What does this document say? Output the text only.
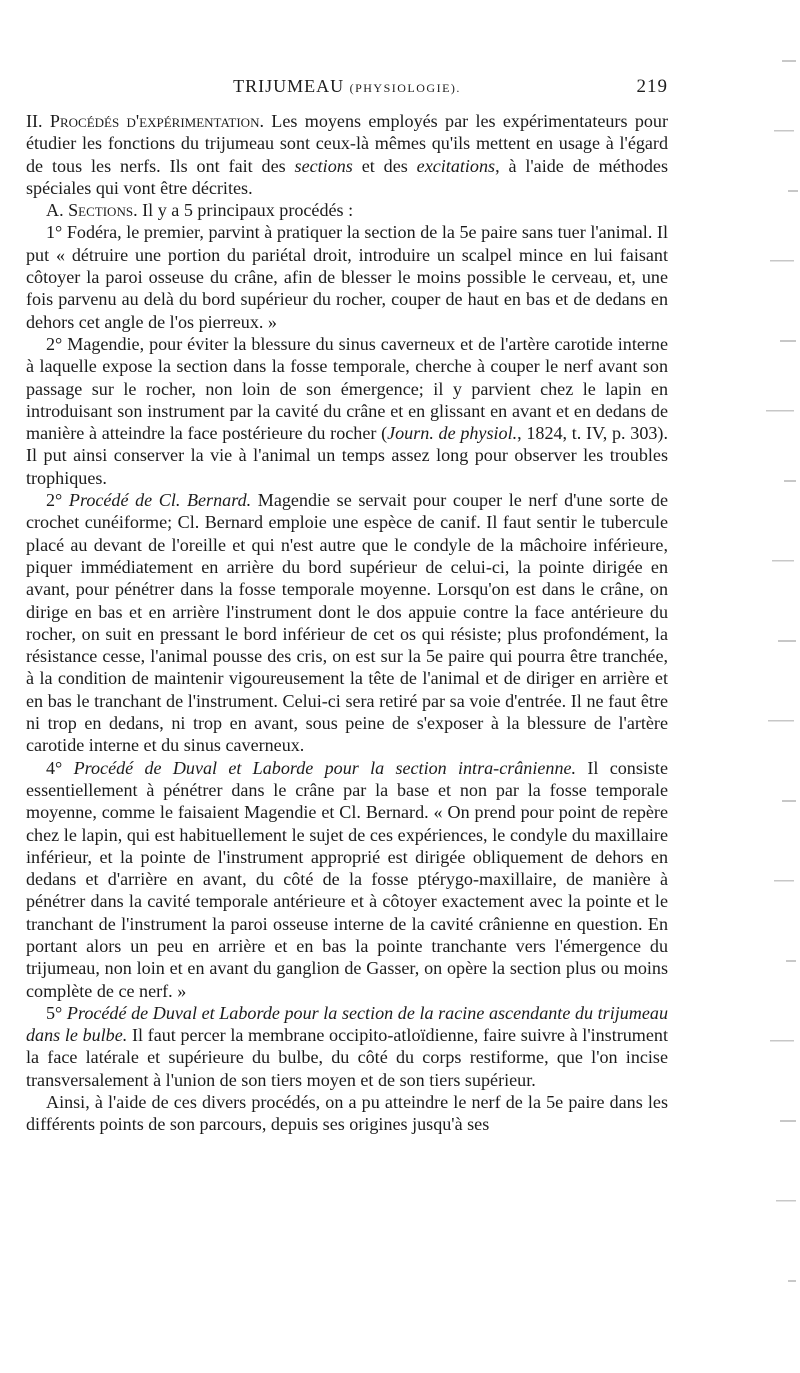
TRIJUMEAU (PHYSIOLOGIE).	219

II. Procédés d'expérimentation. Les moyens employés par les expérimentateurs pour étudier les fonctions du trijumeau sont ceux-là mêmes qu'ils mettent en usage à l'égard de tous les nerfs. Ils ont fait des sections et des excitations, à l'aide de méthodes spéciales qui vont être décrites.

A. Sections. Il y a 5 principaux procédés :

1° Fodéra, le premier, parvint à pratiquer la section de la 5e paire sans tuer l'animal. Il put « détruire une portion du pariétal droit, introduire un scalpel mince en lui faisant côtoyer la paroi osseuse du crâne, afin de blesser le moins possible le cerveau, et, une fois parvenu au delà du bord supérieur du rocher, couper de haut en bas et de dedans en dehors cet angle de l'os pierreux. »

2° Magendie, pour éviter la blessure du sinus caverneux et de l'artère carotide interne à laquelle expose la section dans la fosse temporale, cherche à couper le nerf avant son passage sur le rocher, non loin de son émergence; il y parvient chez le lapin en introduisant son instrument par la cavité du crâne et en glissant en avant et en dedans de manière à atteindre la face postérieure du rocher (Journ. de physiol., 1824, t. IV, p. 303). Il put ainsi conserver la vie à l'animal un temps assez long pour observer les troubles trophiques.

2° Procédé de Cl. Bernard. Magendie se servait pour couper le nerf d'une sorte de crochet cunéiforme; Cl. Bernard emploie une espèce de canif. Il faut sentir le tubercule placé au devant de l'oreille et qui n'est autre que le condyle de la mâchoire inférieure, piquer immédiatement en arrière du bord supérieur de celui-ci, la pointe dirigée en avant, pour pénétrer dans la fosse temporale moyenne. Lorsqu'on est dans le crâne, on dirige en bas et en arrière l'instrument dont le dos appuie contre la face antérieure du rocher, on suit en pressant le bord inférieur de cet os qui résiste; plus profondément, la résistance cesse, l'animal pousse des cris, on est sur la 5e paire qui pourra être tranchée, à la condition de maintenir vigoureusement la tête de l'animal et de diriger en arrière et en bas le tranchant de l'instrument. Celui-ci sera retiré par sa voie d'entrée. Il ne faut être ni trop en dedans, ni trop en avant, sous peine de s'exposer à la blessure de l'artère carotide interne et du sinus caverneux.

4° Procédé de Duval et Laborde pour la section intra-crânienne. Il consiste essentiellement à pénétrer dans le crâne par la base et non par la fosse temporale moyenne, comme le faisaient Magendie et Cl. Bernard. « On prend pour point de repère chez le lapin, qui est habituellement le sujet de ces expériences, le condyle du maxillaire inférieur, et la pointe de l'instrument approprié est dirigée obliquement de dehors en dedans et d'arrière en avant, du côté de la fosse ptérygo-maxillaire, de manière à pénétrer dans la cavité temporale antérieure et à côtoyer exactement avec la pointe et le tranchant de l'instrument la paroi osseuse interne de la cavité crânienne en question. En portant alors un peu en arrière et en bas la pointe tranchante vers l'émergence du trijumeau, non loin et en avant du ganglion de Gasser, on opère la section plus ou moins complète de ce nerf. »

5° Procédé de Duval et Laborde pour la section de la racine ascendante du trijumeau dans le bulbe. Il faut percer la membrane occipito-atloïdienne, faire suivre à l'instrument la face latérale et supérieure du bulbe, du côté du corps restiforme, que l'on incise transversalement à l'union de son tiers moyen et de son tiers supérieur.

Ainsi, à l'aide de ces divers procédés, on a pu atteindre le nerf de la 5e paire dans les différents points de son parcours, depuis ses origines jusqu'à ses
